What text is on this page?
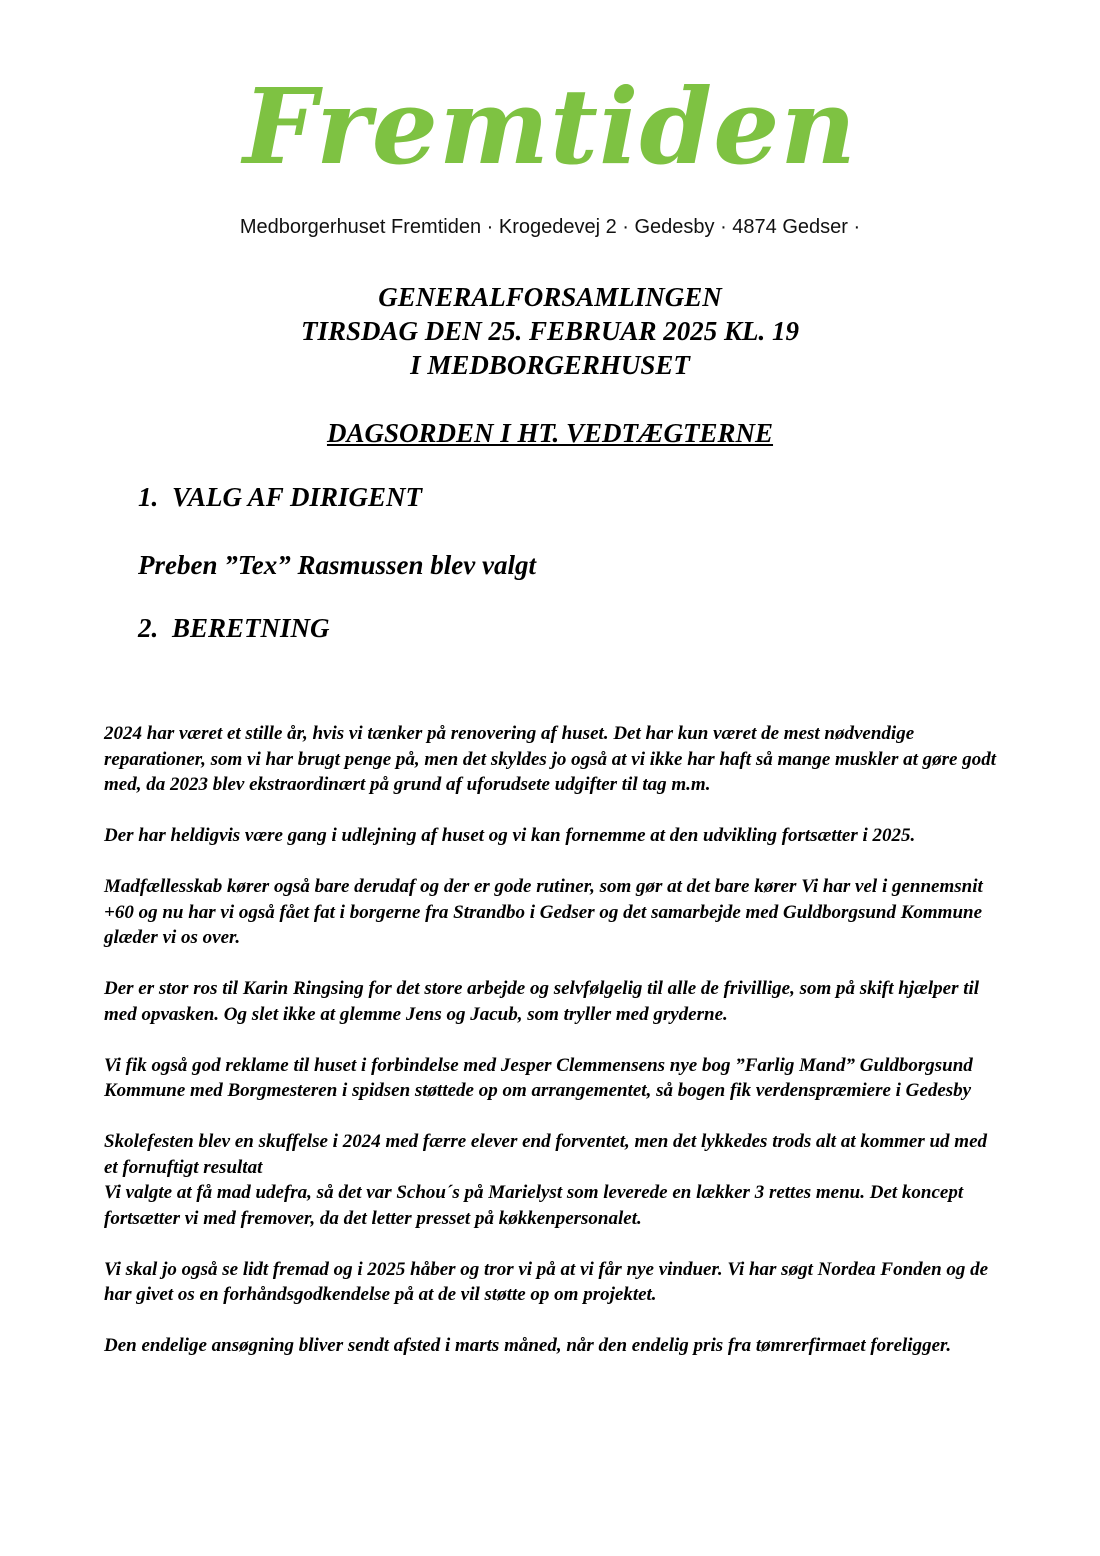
Fremtiden
Medborgerhuset Fremtiden · Krogedevej 2 · Gedesby · 4874 Gedser ·
GENERALFORSAMLINGEN
TIRSDAG DEN 25. FEBRUAR 2025 KL. 19
I MEDBORGERHUSET
DAGSORDEN I HT. VEDTÆGTERNE
1. VALG AF DIRIGENT
Preben ”Tex” Rasmussen blev valgt
2. BERETNING

2024 har været et stille år, hvis vi tænker på renovering af huset. Det har kun været de mest nødvendige reparationer, som vi har brugt penge på, men det skyldes jo også at vi ikke har haft så mange muskler at gøre godt med, da 2023 blev ekstraordinært på grund af uforudsete udgifter til tag m.m.

Der har heldigvis være gang i udlejning af huset og vi kan fornemme at den udvikling fortsætter i 2025.

Madfællesskab kører også bare derudaf og der er gode rutiner, som gør at det bare kører Vi har vel i gennemsnit +60 og nu har vi også fået fat i borgerne fra Strandbo i Gedser og det samarbejde med Guldborgsund Kommune glæder vi os over.

Der er stor ros til Karin Ringsing for det store arbejde og selvfølgelig til alle de frivillige, som på skift hjælper til med opvasken. Og slet ikke at glemme Jens og Jacub, som tryller med gryderne.

Vi fik også god reklame til huset i forbindelse med Jesper Clemmensens nye bog ”Farlig Mand” Guldborgsund Kommune med Borgmesteren i spidsen støttede op om arrangementet, så bogen fik verdenspræmiere i Gedesby

Skolefesten blev en skuffelse i 2024 med færre elever end forventet, men det lykkedes trods alt at kommer ud med et fornuftigt resultat

Vi valgte at få mad udefra, så det var Schou´s på Marielyst som leverede en lækker 3 rettes menu. Det koncept fortsætter vi med fremover, da det letter presset på køkkenpersonalet.

Vi skal jo også se lidt fremad og i 2025 håber og tror vi på at vi får nye vinduer. Vi har søgt Nordea Fonden og de har givet os en forhåndsgodkendelse på at de vil støtte op om projektet.

Den endelige ansøgning bliver sendt afsted i marts måned, når den endelig pris fra tømrerfirmaet foreligger.
